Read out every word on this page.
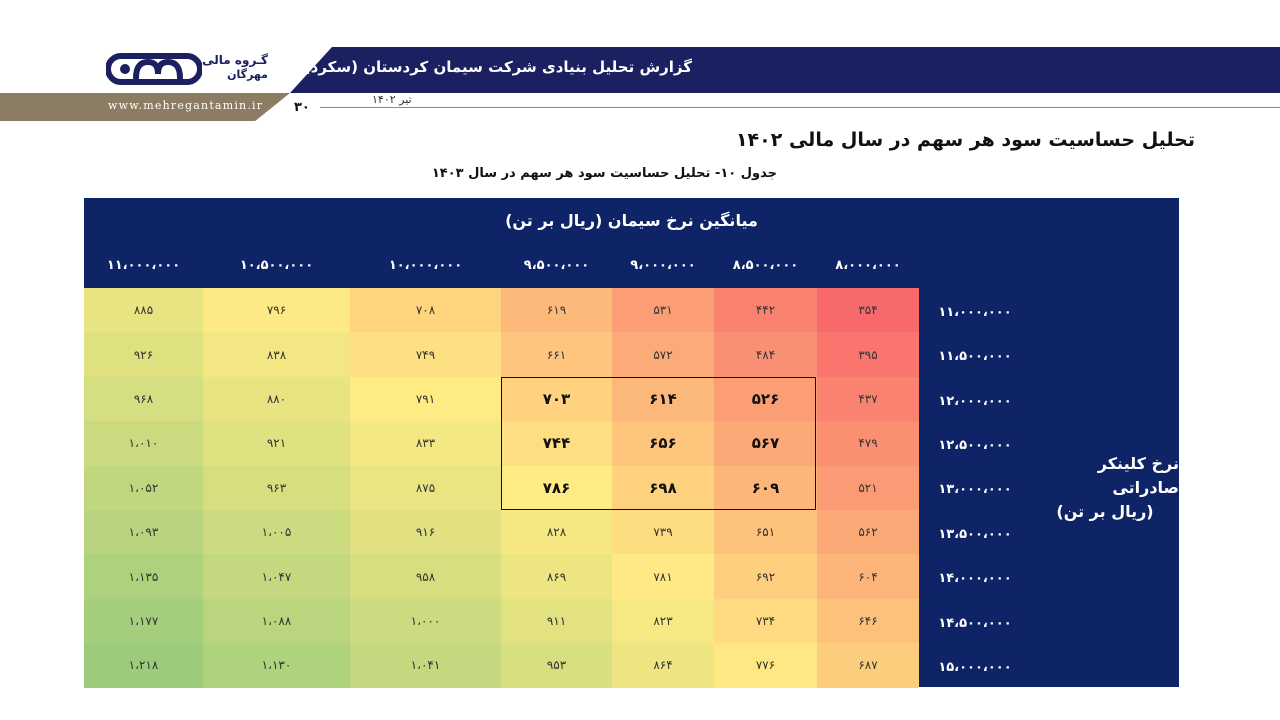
گزارش تحلیل بنیادی شرکت سیمان کردستان (سکرد)
www.mehregantamin.ir
گـروه مالی
مهرگان
۳۰
تیر ۱۴۰۲
تحلیل حساسیت سود هر سهم در سال مالی ۱۴۰۲
جدول ۱۰- تحلیل حساسیت سود هر سهم در سال ۱۴۰۳
میانگین نرخ سیمان (ریال بر تن)
نرخ کلینکر صادراتی
(ریال بر تن)
۸،۰۰۰،۰۰۰
۸،۵۰۰،۰۰۰
۹،۰۰۰،۰۰۰
۹،۵۰۰،۰۰۰
۱۰،۰۰۰،۰۰۰
۱۰،۵۰۰،۰۰۰
۱۱،۰۰۰،۰۰۰
۱۱،۰۰۰،۰۰۰
۳۵۴
۴۴۲
۵۳۱
۶۱۹
۷۰۸
۷۹۶
۸۸۵
۱۱،۵۰۰،۰۰۰
۳۹۵
۴۸۴
۵۷۲
۶۶۱
۷۴۹
۸۳۸
۹۲۶
۱۲،۰۰۰،۰۰۰
۴۳۷
۵۲۶
۶۱۴
۷۰۳
۷۹۱
۸۸۰
۹۶۸
۱۲،۵۰۰،۰۰۰
۴۷۹
۵۶۷
۶۵۶
۷۴۴
۸۳۳
۹۲۱
۱،۰۱۰
۱۳،۰۰۰،۰۰۰
۵۲۱
۶۰۹
۶۹۸
۷۸۶
۸۷۵
۹۶۳
۱،۰۵۲
۱۳،۵۰۰،۰۰۰
۵۶۲
۶۵۱
۷۳۹
۸۲۸
۹۱۶
۱،۰۰۵
۱،۰۹۳
۱۴،۰۰۰،۰۰۰
۶۰۴
۶۹۲
۷۸۱
۸۶۹
۹۵۸
۱،۰۴۷
۱،۱۳۵
۱۴،۵۰۰،۰۰۰
۶۴۶
۷۳۴
۸۲۳
۹۱۱
۱،۰۰۰
۱،۰۸۸
۱،۱۷۷
۱۵،۰۰۰،۰۰۰
۶۸۷
۷۷۶
۸۶۴
۹۵۳
۱،۰۴۱
۱،۱۳۰
۱،۲۱۸
